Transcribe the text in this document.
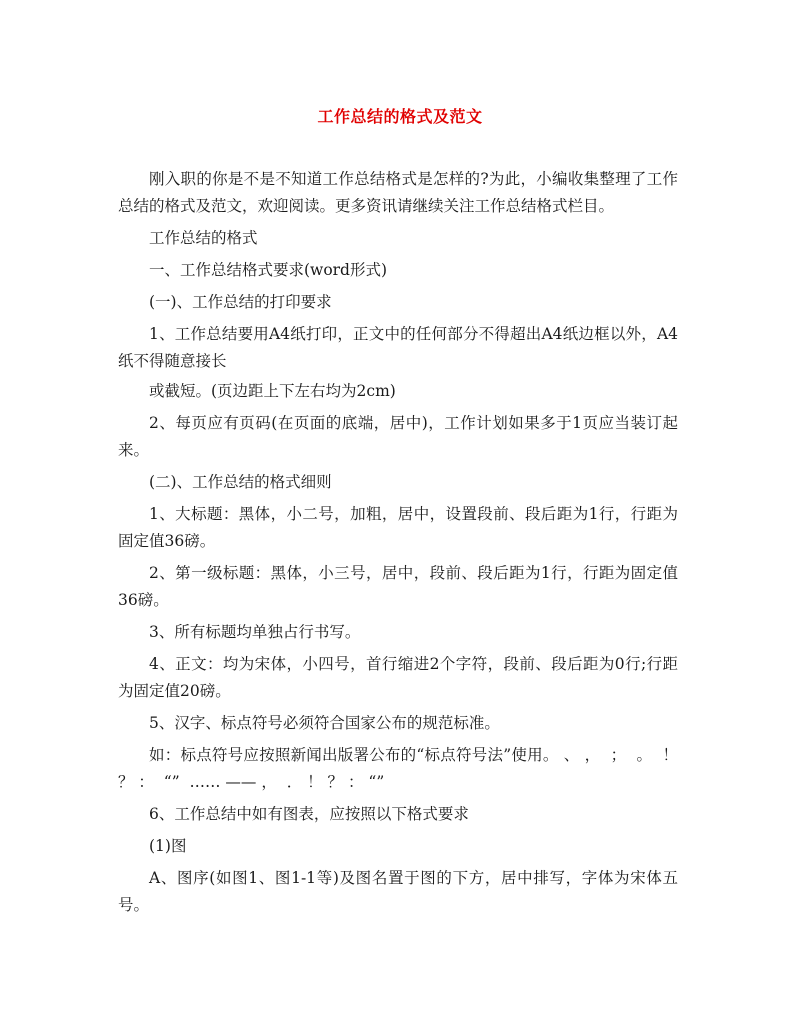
工作总结的格式及范文

刚入职的你是不是不知道工作总结格式是怎样的?为此，小编收集整理了工作总结的格式及范文，欢迎阅读。更多资讯请继续关注工作总结格式栏目。

工作总结的格式

一、工作总结格式要求(word形式)

(一)、工作总结的打印要求

1、工作总结要用A4纸打印，正文中的任何部分不得超出A4纸边框以外，A4纸不得随意接长

或截短。(页边距上下左右均为2cm)

2、每页应有页码(在页面的底端，居中)，工作计划如果多于1页应当装订起来。

(二)、工作总结的格式细则

1、大标题：黑体，小二号，加粗，居中，设置段前、段后距为1行，行距为固定值36磅。

2、第一级标题：黑体，小三号，居中，段前、段后距为1行，行距为固定值36磅。

3、所有标题均单独占行书写。

4、正文：均为宋体，小四号，首行缩进2个字符，段前、段后距为0行;行距为固定值20磅。

5、汉字、标点符号必须符合国家公布的规范标准。

如：标点符号应按照新闻出版署公布的“标点符号法”使用。 、 ，  ；  。  ！ ？ ：  “”  …… —— ，  ． ！ ？ ： “”

6、工作总结中如有图表，应按照以下格式要求

(1)图

A、图序(如图1、图1-1等)及图名置于图的下方，居中排写，字体为宋体五号。
